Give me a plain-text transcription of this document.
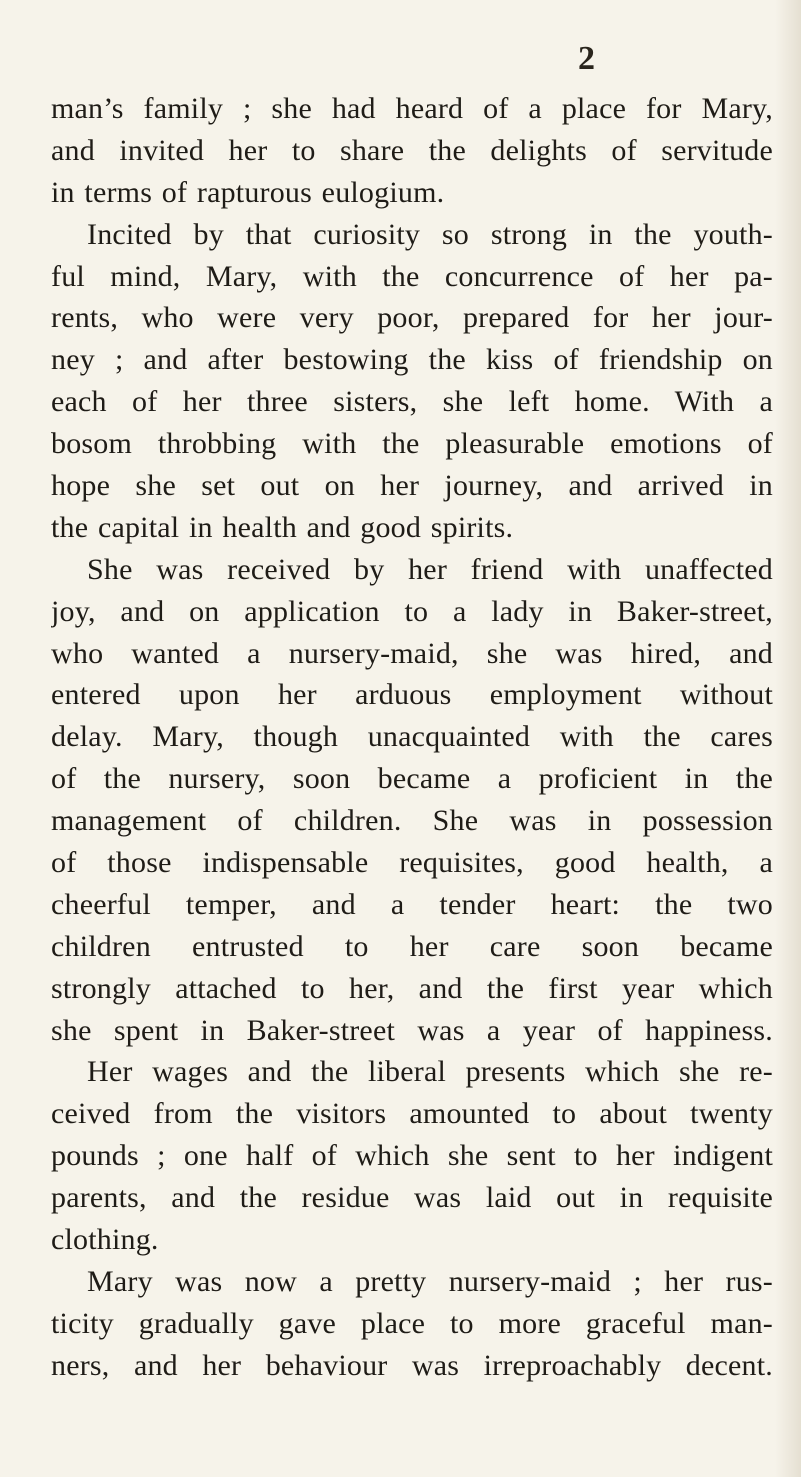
2
man’s family ; she had heard of a place for Mary,
and invited her to share the delights of servitude
in terms of rapturous eulogium.
Incited by that curiosity so strong in the youth-
ful mind, Mary, with the concurrence of her pa-
rents, who were very poor, prepared for her jour-
ney ; and after bestowing the kiss of friendship on
each of her three sisters, she left home. With a
bosom throbbing with the pleasurable emotions of
hope she set out on her journey, and arrived in
the capital in health and good spirits.
She was received by her friend with unaffected
joy, and on application to a lady in Baker-street,
who wanted a nursery-maid, she was hired, and
entered upon her arduous employment without
delay. Mary, though unacquainted with the cares
of the nursery, soon became a proficient in the
management of children. She was in possession
of those indispensable requisites, good health, a
cheerful temper, and a tender heart: the two
children entrusted to her care soon became
strongly attached to her, and the first year which
she spent in Baker-street was a year of happiness.
Her wages and the liberal presents which she re-
ceived from the visitors amounted to about twenty
pounds ; one half of which she sent to her indigent
parents, and the residue was laid out in requisite
clothing.
Mary was now a pretty nursery-maid ; her rus-
ticity gradually gave place to more graceful man-
ners, and her behaviour was irreproachably decent.
